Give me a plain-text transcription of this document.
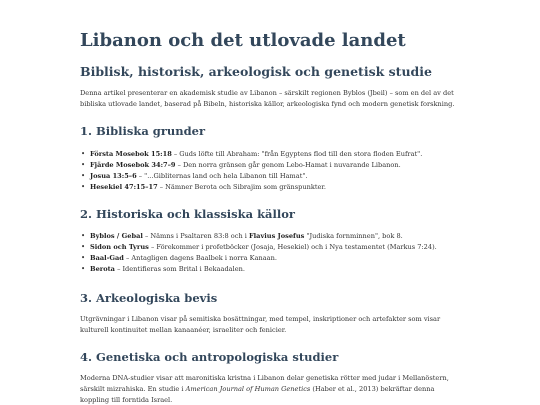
Libanon och det utlovade landet
Biblisk, historisk, arkeologisk och genetisk studie

Denna artikel presenterar en akademisk studie av Libanon – särskilt regionen Byblos (Jbeil) – som en del av det bibliska utlovade landet, baserad på Bibeln, historiska källor, arkeologiska fynd och modern genetisk forskning.

1. Bibliska grunder
• Första Mosebok 15:18 – Guds löfte till Abraham: "från Egyptens flod till den stora floden Eufrat".
• Fjärde Mosebok 34:7–9 – Den norra gränsen går genom Lebo-Hamat i nuvarande Libanon.
• Josua 13:5–6 – "...Gibliternas land och hela Libanon till Hamat".
• Hesekiel 47:15–17 – Nämner Berota och Sibrajim som gränspunkter.
2. Historiska och klassiska källor
• Byblos / Gebal – Nämns i Psaltaren 83:8 och i Flavius Josefus "Judiska fornminnen", bok 8.
• Sidon och Tyrus – Förekommer i profetböcker (Josaja, Hesekiel) och i Nya testamentet (Markus 7:24).
• Baal-Gad – Antagligen dagens Baalbek i norra Kanaan.
• Berota – Identifieras som Brital i Bekaadalen.
3. Arkeologiska bevis

Utgrävningar i Libanon visar på semitiska bosättningar, med tempel, inskriptioner och artefakter som visar kulturell kontinuitet mellan kanaanéer, israeliter och fenicier.

4. Genetiska och antropologiska studier

Moderna DNA-studier visar att maronitiska kristna i Libanon delar genetiska rötter med judar i Mellanöstern, särskilt mizrahiska. En studie i American Journal of Human Genetics (Haber et al., 2013) bekräftar denna koppling till forntida Israel.
